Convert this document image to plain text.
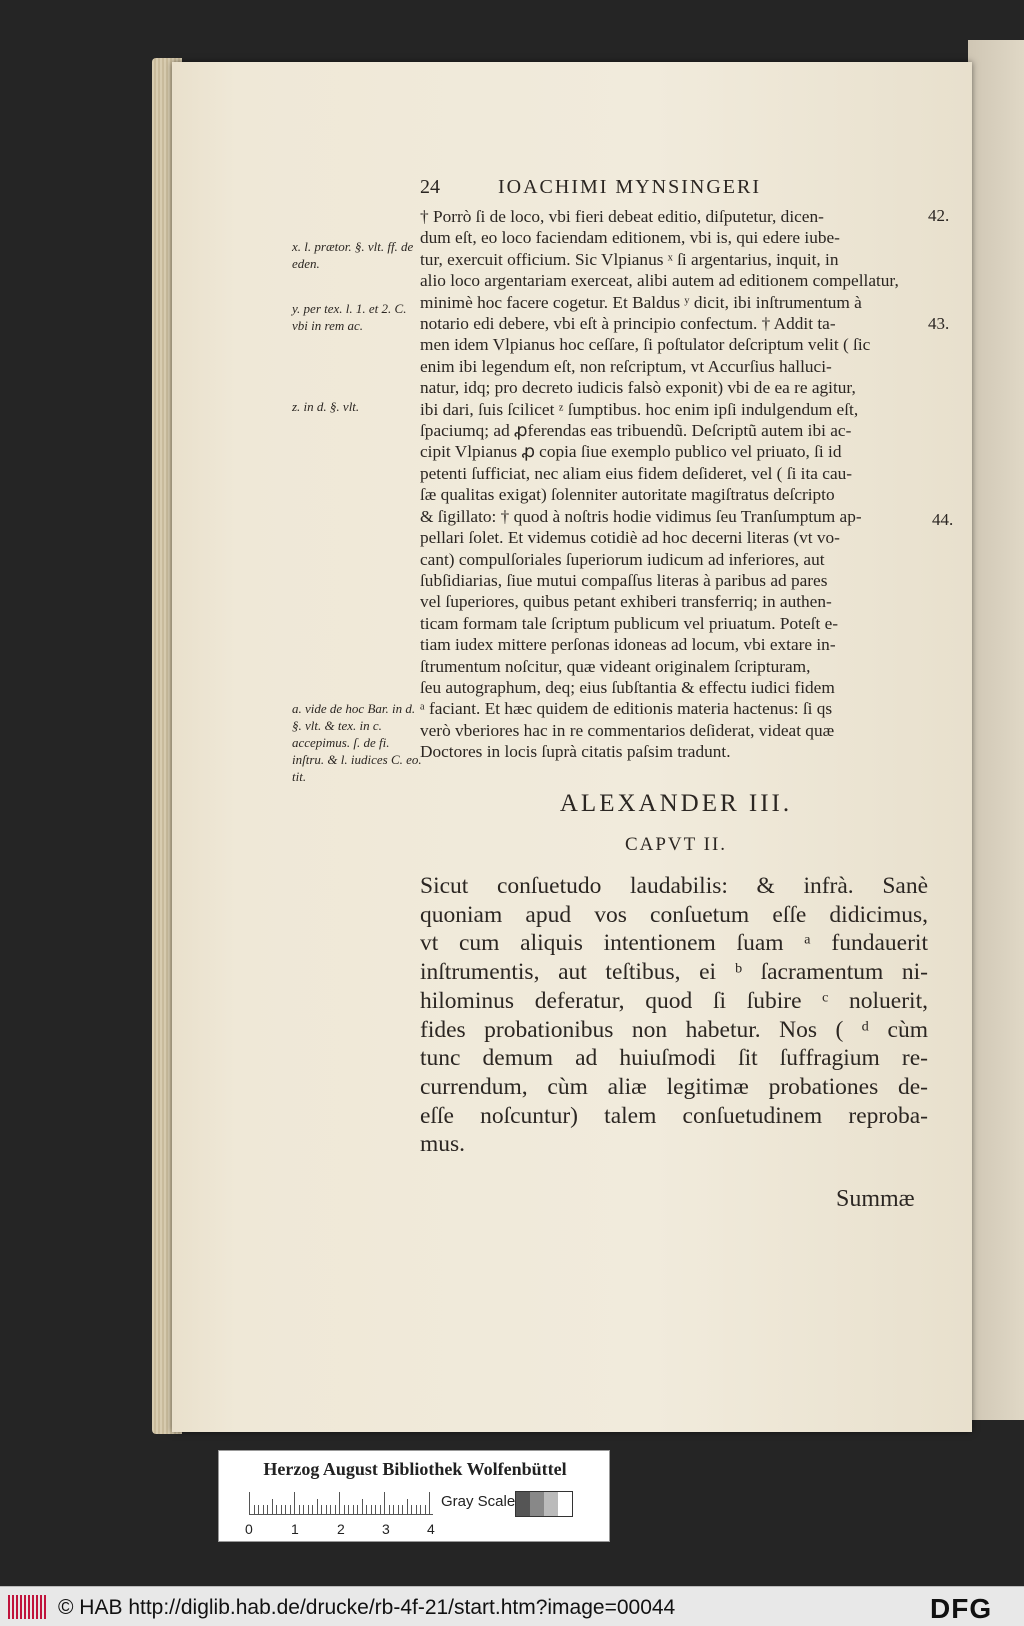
24	IOACHIMI MYNSINGERI
† Porrò ſi de loco, vbi fieri debeat editio, diſputetur, dicen-
dum eſt, eo loco faciendam editionem, vbi is, qui edere iube-
tur, exercuit officium. Sic Vlpianus ˣ ſi argentarius, inquit, in
alio loco argentariam exerceat, alibi autem ad editionem compellatur,
minimè hoc facere cogetur. Et Baldus ʸ dicit, ibi inſtrumentum à
notario edi debere, vbi eſt à principio confectum. † Addit ta-
men idem Vlpianus hoc ceſſare, ſi poſtulator deſcriptum velit ( ſic
enim ibi legendum eſt, non reſcriptum, vt Accurſius halluci-
natur, idq; pro decreto iudicis falsò exponit) vbi de ea re agitur,
ibi dari, ſuis ſcilicet ᶻ ſumptibus. hoc enim ipſi indulgendum eſt,
ſpaciumq; ad ꝓferendas eas tribuendũ. Deſcriptũ autem ibi ac-
cipit Vlpianus ꝓ copia ſiue exemplo publico vel priuato, ſi id
petenti ſufficiat, nec aliam eius fidem deſideret, vel ( ſi ita cau-
ſæ qualitas exigat) ſolenniter autoritate magiſtratus deſcripto
& ſigillato: † quod à noſtris hodie vidimus ſeu Tranſumptum ap-
pellari ſolet. Et videmus cotidiè ad hoc decerni literas (vt vo-
cant) compulſoriales ſuperiorum iudicum ad inferiores, aut
ſubſidiarias, ſiue mutui compaſſus literas à paribus ad pares
vel ſuperiores, quibus petant exhiberi transferriq; in authen-
ticam formam tale ſcriptum publicum vel priuatum. Poteſt e-
tiam iudex mittere perſonas idoneas ad locum, vbi extare in-
ſtrumentum noſcitur, quæ videant originalem ſcripturam,
ſeu autographum, deq; eius ſubſtantia & effectu iudici fidem
ᵃ faciant. Et hæc quidem de editionis materia hactenus: ſi qs
verò vberiores hac in re commentarios deſiderat, videat quæ
Doctores in locis ſuprà citatis paſsim tradunt.
42.
43.
44.
x. l. prætor. §. vlt. ff. de eden.
y. per tex. l. 1. et 2. C. vbi in rem ac.
z. in d. §. vlt.
a. vide de hoc Bar. in d. §. vlt. & tex. in c. accepimus. ſ. de fi. inſtru. & l. iudices C. eo. tit.
ALEXANDER III.
CAPVT II.
Sicut conſuetudo laudabilis: & infrà. Sanè
quoniam apud vos conſuetum eſſe didicimus,
vt cum aliquis intentionem ſuam ᵃ fundauerit
inſtrumentis, aut teſtibus, ei ᵇ ſacramentum ni-
hilominus deferatur, quod ſi ſubire ᶜ noluerit,
fides probationibus non habetur. Nos ( ᵈ cùm
tunc demum ad huiuſmodi ſit ſuffragium re-
currendum, cùm aliæ legitimæ probationes de-
eſſe noſcuntur) talem conſuetudinem reproba-
mus.
Summæ
Herzog August Bibliothek Wolfenbüttel
0	1	2	3	4
Gray Scale
© HAB http://diglib.hab.de/drucke/rb-4f-21/start.htm?image=00044	DFG
